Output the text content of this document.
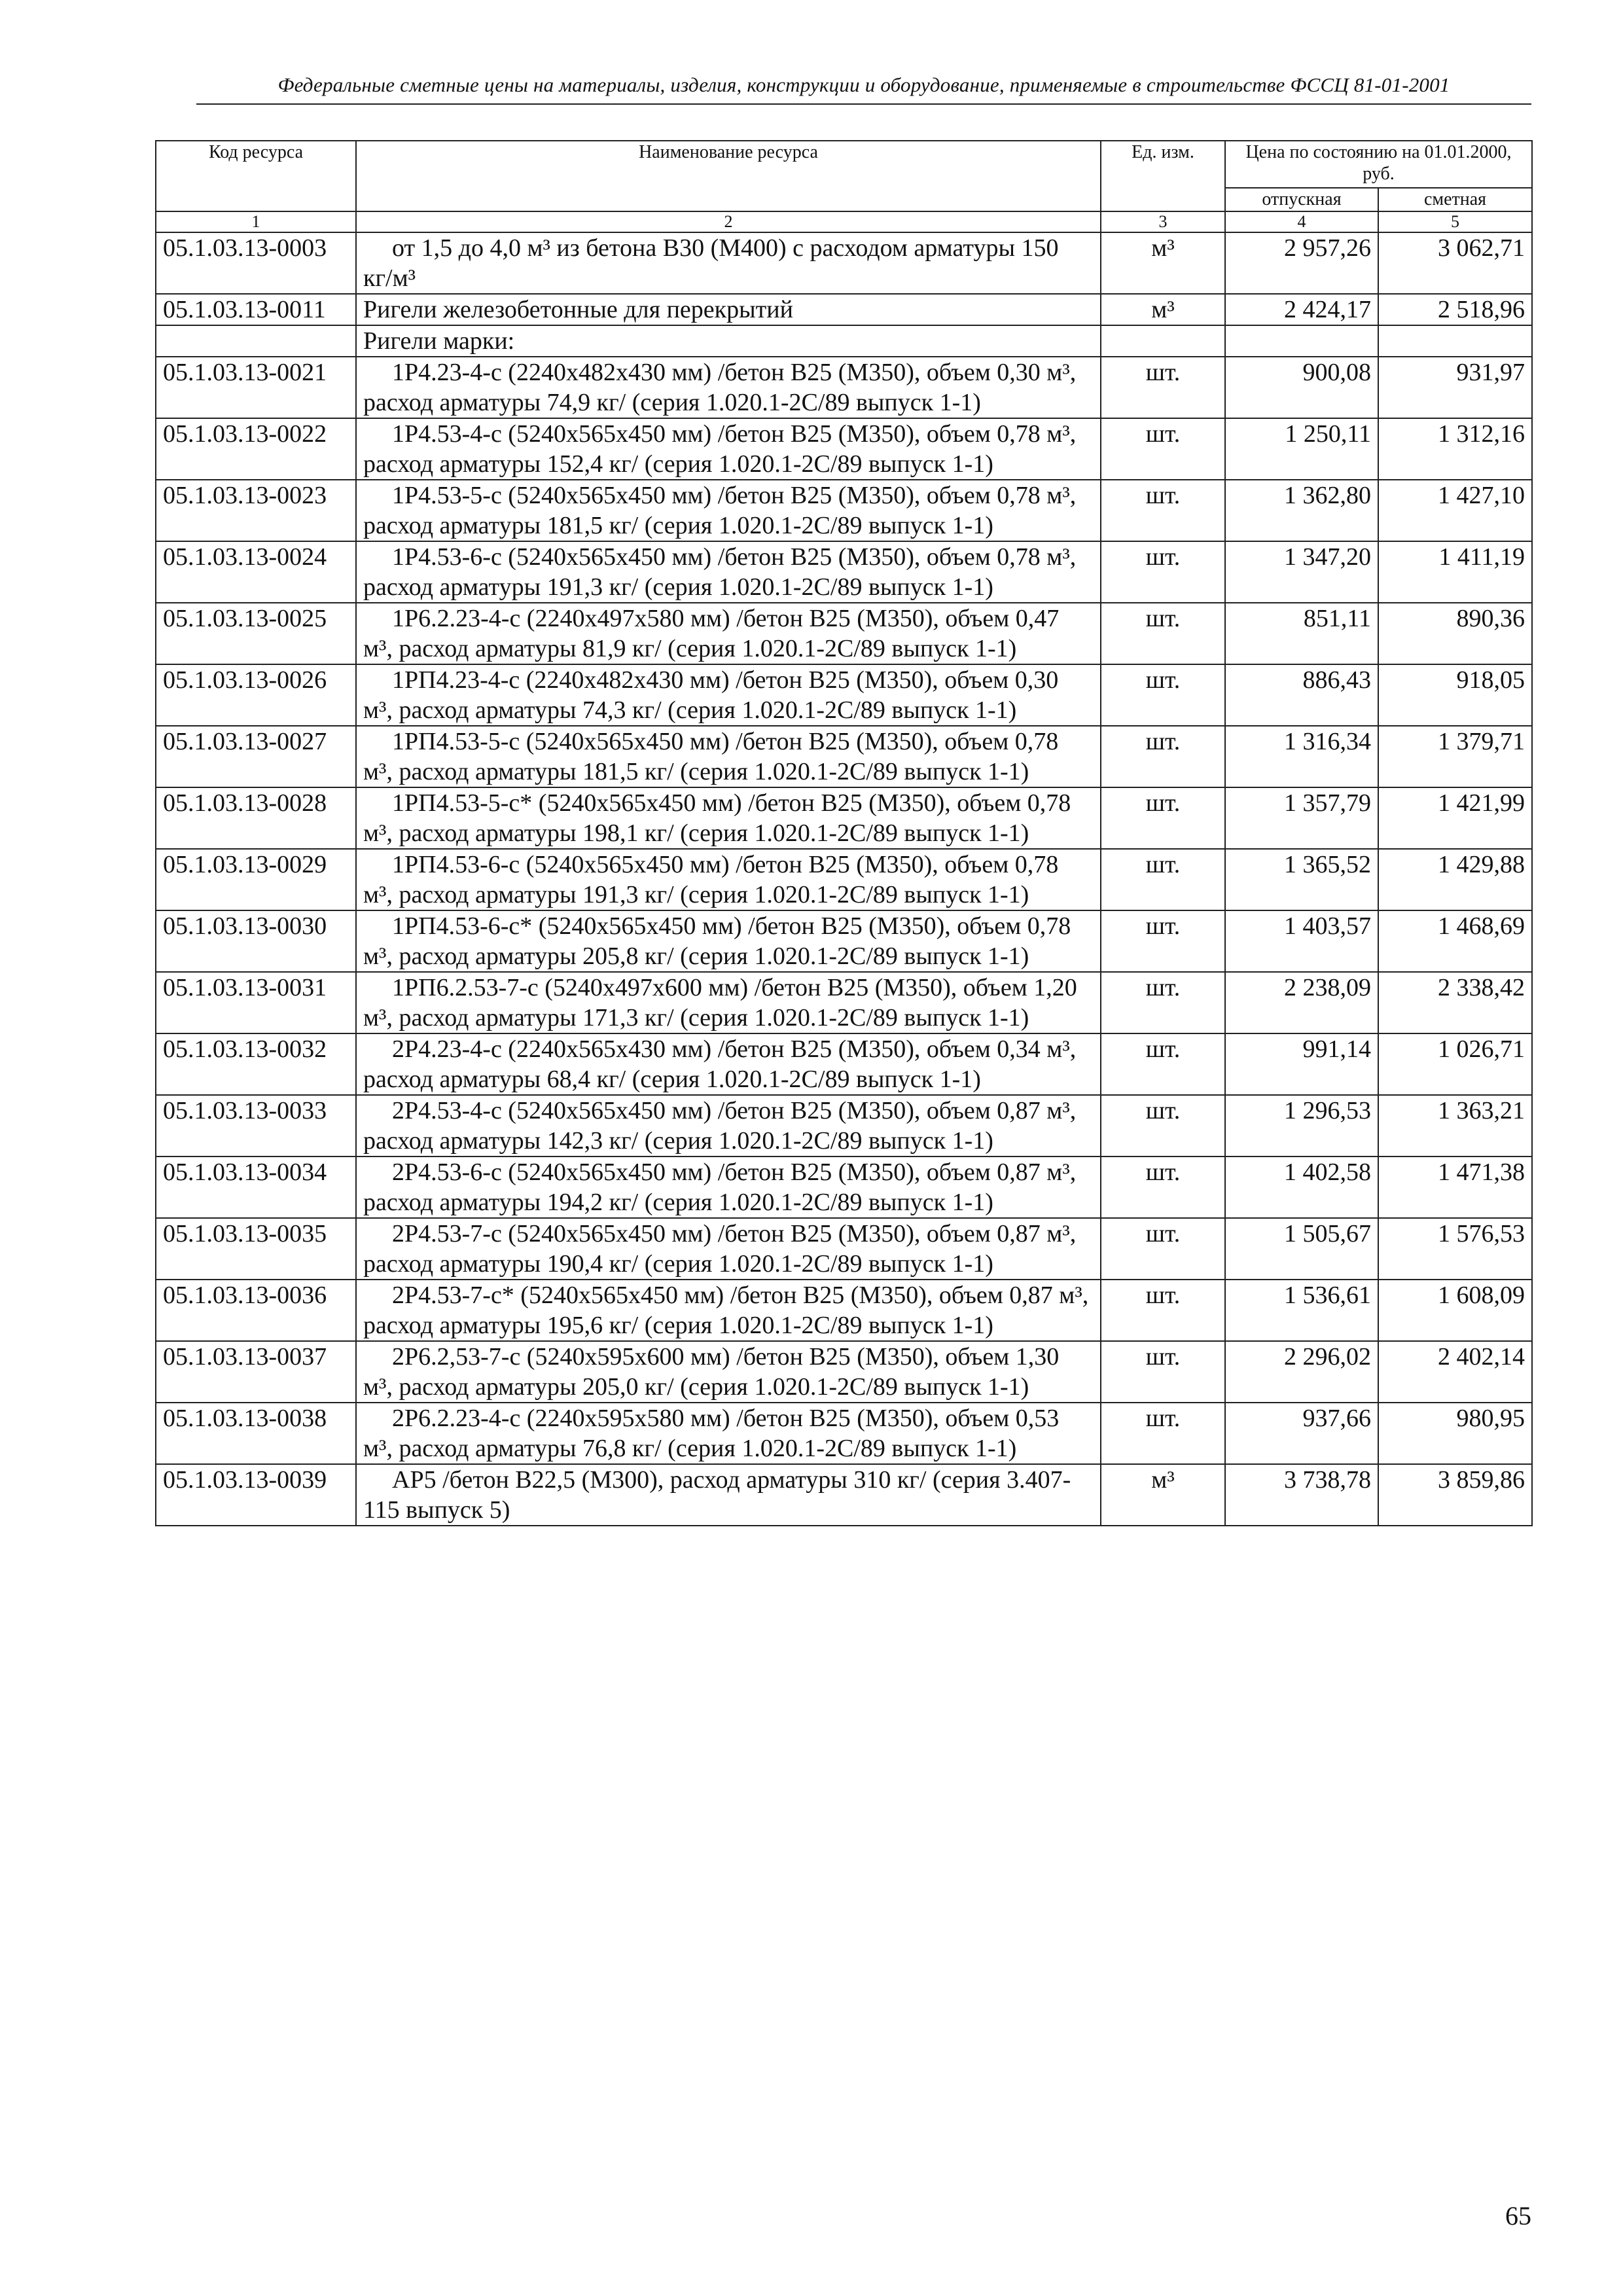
Федеральные сметные цены на материалы, изделия, конструкции и оборудование, применяемые в строительстве ФССЦ 81-01-2001
Код ресурса	Наименование ресурса	Ед. изм.	Цена по состоянию на 01.01.2000, руб.	
			отпускная	сметная
1	2	3	4	5
05.1.03.13-0003	от 1,5 до 4,0 м³ из бетона В30 (М400) с расходом арматуры 150 кг/м³	м³	2 957,26	3 062,71
05.1.03.13-0011	Ригели железобетонные для перекрытий	м³	2 424,17	2 518,96
	Ригели марки:			
05.1.03.13-0021	1Р4.23-4-с (2240х482х430 мм) /бетон В25 (М350), объем 0,30 м³, расход арматуры 74,9 кг/ (серия 1.020.1-2С/89 выпуск 1-1)	шт.	900,08	931,97
05.1.03.13-0022	1Р4.53-4-с (5240х565х450 мм) /бетон В25 (М350), объем 0,78 м³, расход арматуры 152,4 кг/ (серия 1.020.1-2С/89 выпуск 1-1)	шт.	1 250,11	1 312,16
05.1.03.13-0023	1Р4.53-5-с (5240х565х450 мм) /бетон В25 (М350), объем 0,78 м³, расход арматуры 181,5 кг/ (серия 1.020.1-2С/89 выпуск 1-1)	шт.	1 362,80	1 427,10
05.1.03.13-0024	1Р4.53-6-с (5240х565х450 мм) /бетон В25 (М350), объем 0,78 м³, расход арматуры 191,3 кг/ (серия 1.020.1-2С/89 выпуск 1-1)	шт.	1 347,20	1 411,19
05.1.03.13-0025	1Р6.2.23-4-с (2240х497х580 мм) /бетон В25 (М350), объем 0,47 м³, расход арматуры 81,9 кг/ (серия 1.020.1-2С/89 выпуск 1-1)	шт.	851,11	890,36
05.1.03.13-0026	1РП4.23-4-с (2240х482х430 мм) /бетон В25 (М350), объем 0,30 м³, расход арматуры 74,3 кг/ (серия 1.020.1-2С/89 выпуск 1-1)	шт.	886,43	918,05
05.1.03.13-0027	1РП4.53-5-с (5240х565х450 мм) /бетон В25 (М350), объем 0,78 м³, расход арматуры 181,5 кг/ (серия 1.020.1-2С/89 выпуск 1-1)	шт.	1 316,34	1 379,71
05.1.03.13-0028	1РП4.53-5-с* (5240х565х450 мм) /бетон В25 (М350), объем 0,78 м³, расход арматуры 198,1 кг/ (серия 1.020.1-2С/89 выпуск 1-1)	шт.	1 357,79	1 421,99
05.1.03.13-0029	1РП4.53-6-с (5240х565х450 мм) /бетон В25 (М350), объем 0,78 м³, расход арматуры 191,3 кг/ (серия 1.020.1-2С/89 выпуск 1-1)	шт.	1 365,52	1 429,88
05.1.03.13-0030	1РП4.53-6-с* (5240х565х450 мм) /бетон В25 (М350), объем 0,78 м³, расход арматуры 205,8 кг/ (серия 1.020.1-2С/89 выпуск 1-1)	шт.	1 403,57	1 468,69
05.1.03.13-0031	1РП6.2.53-7-с (5240х497х600 мм) /бетон В25 (М350), объем 1,20 м³, расход арматуры 171,3 кг/ (серия 1.020.1-2С/89 выпуск 1-1)	шт.	2 238,09	2 338,42
05.1.03.13-0032	2Р4.23-4-с (2240х565х430 мм) /бетон В25 (М350), объем 0,34 м³, расход арматуры 68,4 кг/ (серия 1.020.1-2С/89 выпуск 1-1)	шт.	991,14	1 026,71
05.1.03.13-0033	2Р4.53-4-с (5240х565х450 мм) /бетон В25 (М350), объем 0,87 м³, расход арматуры 142,3 кг/ (серия 1.020.1-2С/89 выпуск 1-1)	шт.	1 296,53	1 363,21
05.1.03.13-0034	2Р4.53-6-с (5240х565х450 мм) /бетон В25 (М350), объем 0,87 м³, расход арматуры 194,2 кг/ (серия 1.020.1-2С/89 выпуск 1-1)	шт.	1 402,58	1 471,38
05.1.03.13-0035	2Р4.53-7-с (5240х565х450 мм) /бетон В25 (М350), объем 0,87 м³, расход арматуры 190,4 кг/ (серия 1.020.1-2С/89 выпуск 1-1)	шт.	1 505,67	1 576,53
05.1.03.13-0036	2Р4.53-7-с* (5240х565х450 мм) /бетон В25 (М350), объем 0,87 м³, расход арматуры 195,6 кг/ (серия 1.020.1-2С/89 выпуск 1-1)	шт.	1 536,61	1 608,09
05.1.03.13-0037	2Р6.2,53-7-с (5240х595х600 мм) /бетон В25 (М350), объем 1,30 м³, расход арматуры 205,0 кг/ (серия 1.020.1-2С/89 выпуск 1-1)	шт.	2 296,02	2 402,14
05.1.03.13-0038	2Р6.2.23-4-с (2240х595х580 мм) /бетон В25 (М350), объем 0,53 м³, расход арматуры 76,8 кг/ (серия 1.020.1-2С/89 выпуск 1-1)	шт.	937,66	980,95
05.1.03.13-0039	АР5 /бетон В22,5 (М300), расход арматуры 310 кг/ (серия 3.407-115 выпуск 5)	м³	3 738,78	3 859,86
65
